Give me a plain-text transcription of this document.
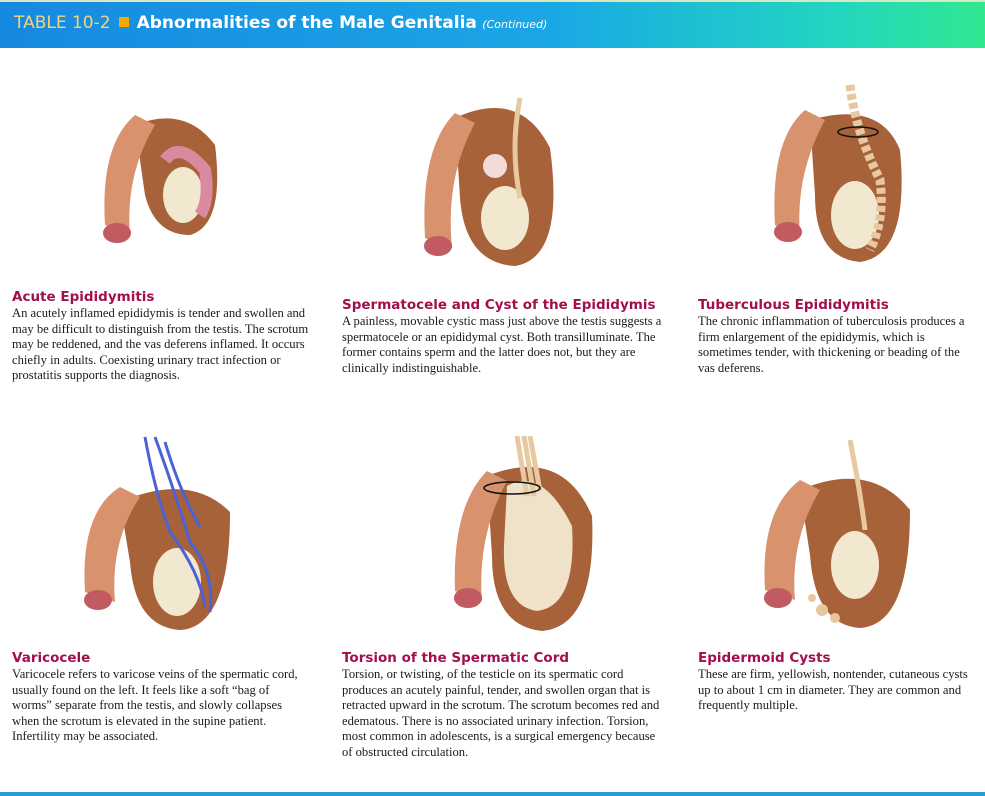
TABLE 10-2 Abnormalities of the Male Genitalia (Continued)
Acute Epididymitis

An acutely inflamed epididymis is tender and swollen and may be difficult to distinguish from the testis. The scrotum may be reddened, and the vas deferens inflamed. It occurs chiefly in adults. Coexisting urinary tract infection or prostatitis supports the diagnosis.

Spermatocele and Cyst of the Epididymis

A painless, movable cystic mass just above the testis suggests a spermatocele or an epididymal cyst. Both transilluminate. The former contains sperm and the latter does not, but they are clinically indistinguishable.

Tuberculous Epididymitis

The chronic inflammation of tuberculosis produces a firm enlargement of the epididymis, which is sometimes tender, with thickening or beading of the vas deferens.

Varicocele

Varicocele refers to varicose veins of the spermatic cord, usually found on the left. It feels like a soft “bag of worms” separate from the testis, and slowly collapses when the scrotum is elevated in the supine patient. Infertility may be associated.

Torsion of the Spermatic Cord

Torsion, or twisting, of the testicle on its spermatic cord produces an acutely painful, tender, and swollen organ that is retracted upward in the scrotum. The scrotum becomes red and edematous. There is no associated urinary infection. Torsion, most common in adolescents, is a surgical emergency because of obstructed circulation.

Epidermoid Cysts

These are firm, yellowish, nontender, cutaneous cysts up to about 1 cm in diameter. They are common and frequently multiple.
